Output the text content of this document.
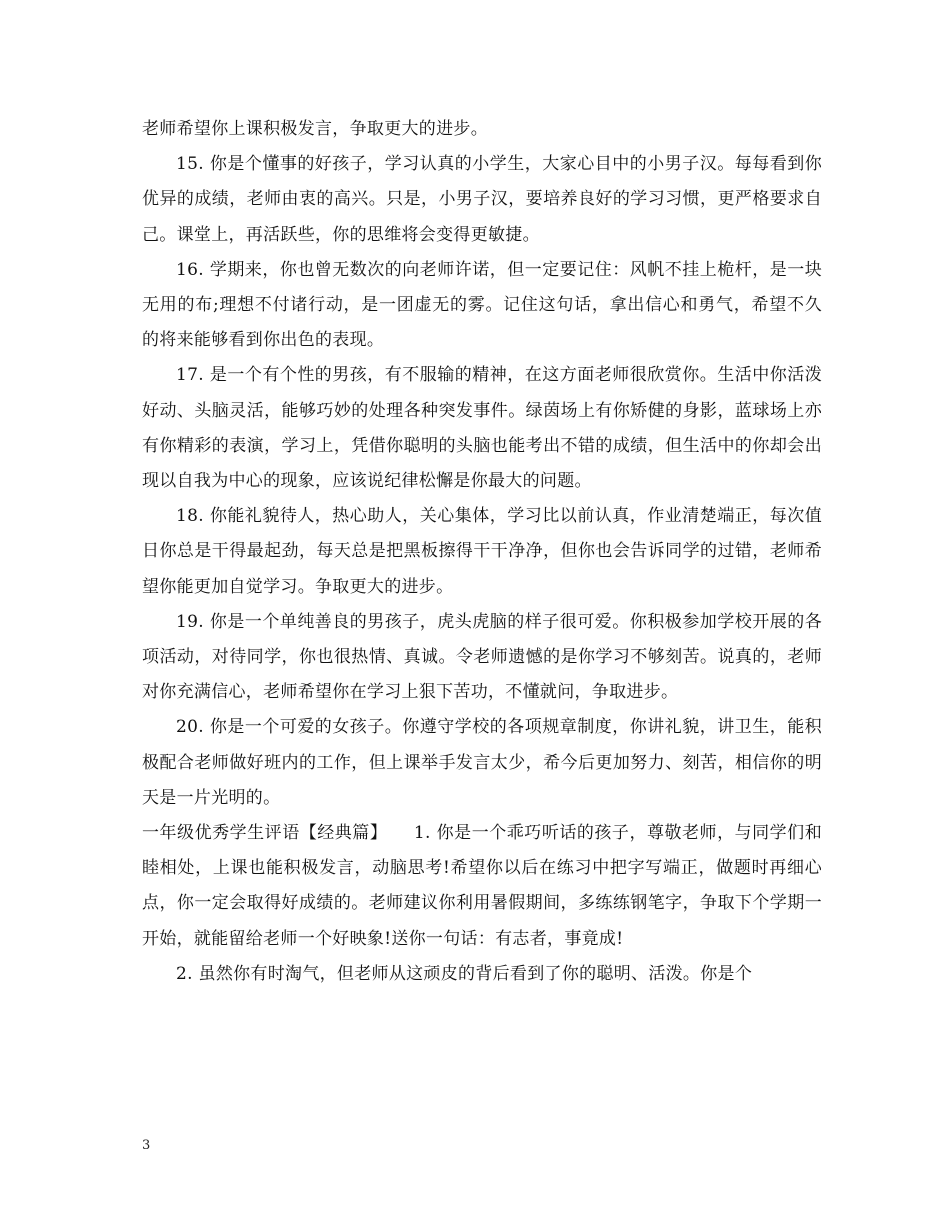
老师希望你上课积极发言，争取更大的进步。

15. 你是个懂事的好孩子，学习认真的小学生，大家心目中的小男子汉。每每看到你优异的成绩，老师由衷的高兴。只是，小男子汉，要培养良好的学习习惯，更严格要求自己。课堂上，再活跃些，你的思维将会变得更敏捷。

16. 学期来，你也曾无数次的向老师许诺，但一定要记住：风帆不挂上桅杆，是一块无用的布;理想不付诸行动，是一团虚无的雾。记住这句话，拿出信心和勇气，希望不久的将来能够看到你出色的表现。

17. 是一个有个性的男孩，有不服输的精神，在这方面老师很欣赏你。生活中你活泼好动、头脑灵活，能够巧妙的处理各种突发事件。绿茵场上有你矫健的身影，蓝球场上亦有你精彩的表演，学习上，凭借你聪明的头脑也能考出不错的成绩，但生活中的你却会出现以自我为中心的现象，应该说纪律松懈是你最大的问题。

18. 你能礼貌待人，热心助人，关心集体，学习比以前认真，作业清楚端正，每次值日你总是干得最起劲，每天总是把黑板擦得干干净净，但你也会告诉同学的过错，老师希望你能更加自觉学习。争取更大的进步。

19. 你是一个单纯善良的男孩子，虎头虎脑的样子很可爱。你积极参加学校开展的各项活动，对待同学，你也很热情、真诚。令老师遗憾的是你学习不够刻苦。说真的，老师对你充满信心，老师希望你在学习上狠下苦功，不懂就问，争取进步。

20. 你是一个可爱的女孩子。你遵守学校的各项规章制度，你讲礼貌，讲卫生，能积极配合老师做好班内的工作，但上课举手发言太少，希今后更加努力、刻苦，相信你的明天是一片光明的。

一年级优秀学生评语【经典篇】　　1. 你是一个乖巧听话的孩子，尊敬老师，与同学们和睦相处，上课也能积极发言，动脑思考!希望你以后在练习中把字写端正，做题时再细心点，你一定会取得好成绩的。老师建议你利用暑假期间，多练练钢笔字，争取下个学期一开始，就能留给老师一个好映象!送你一句话：有志者，事竟成!

2. 虽然你有时淘气，但老师从这顽皮的背后看到了你的聪明、活泼。你是个

3
